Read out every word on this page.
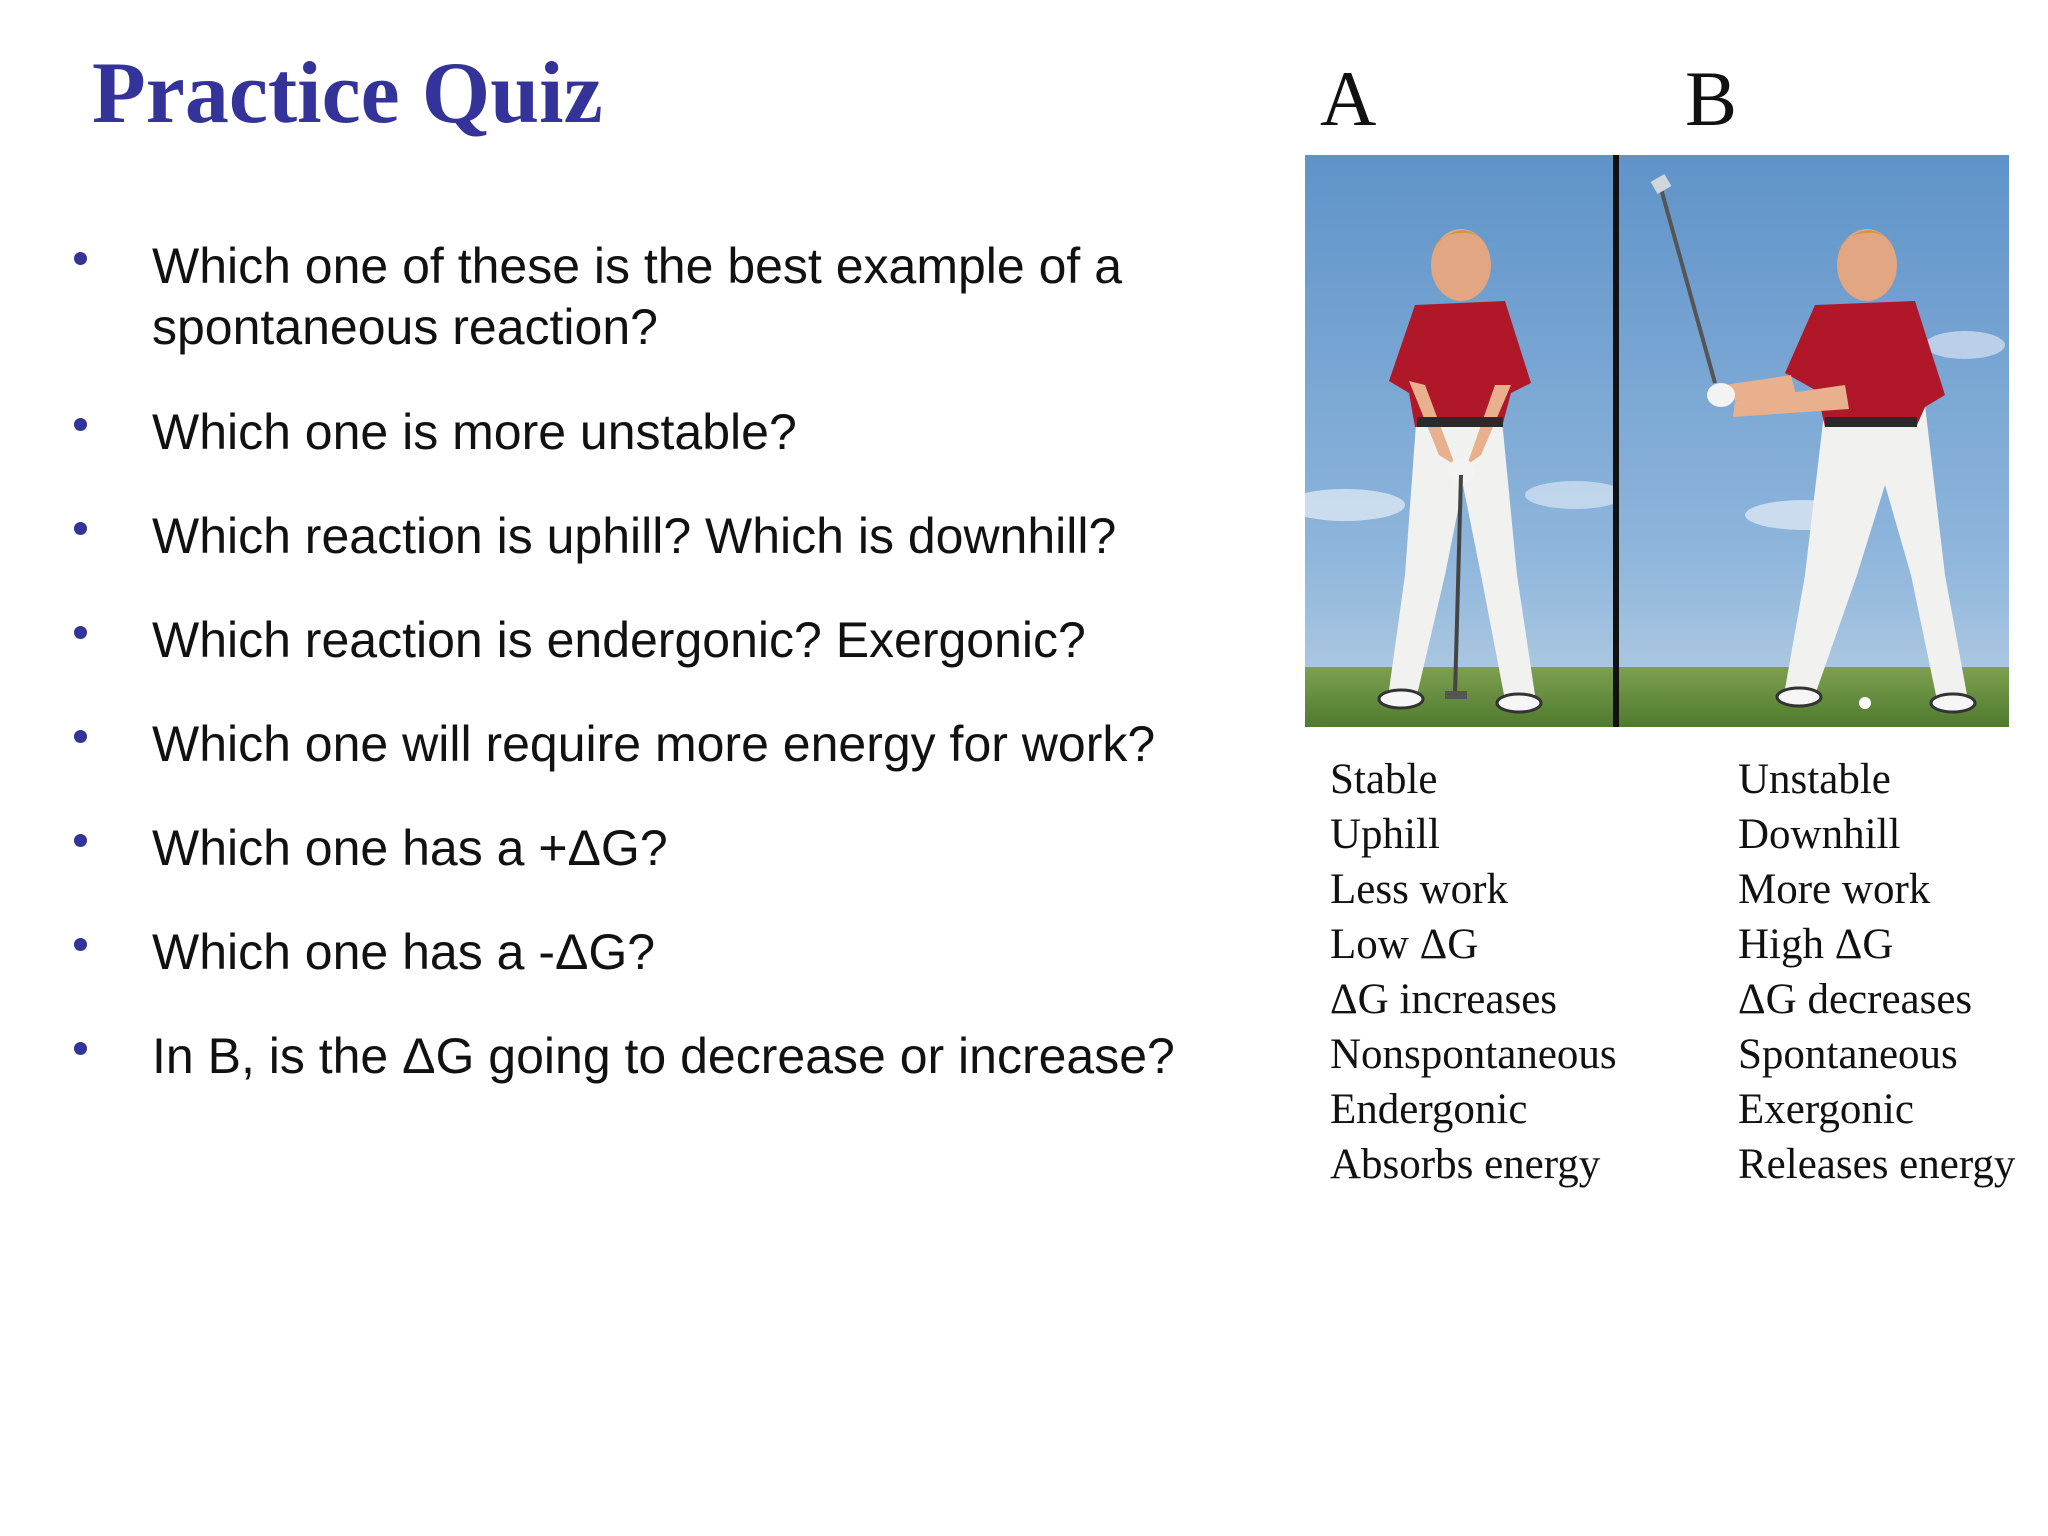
Practice Quiz
Which one of these is the best example of a spontaneous reaction?
Which one is more unstable?
Which reaction is uphill? Which is downhill?
Which reaction is endergonic? Exergonic?
Which one will require more energy for work?
Which one has a +ΔG?
Which one has a -ΔG?
In B, is the ΔG going to decrease or increase?
A	B
Stable
Uphill
Less work
Low ΔG
ΔG increases
Nonspontaneous
Endergonic
Absorbs energy
Unstable
Downhill
More work
High ΔG
ΔG decreases
Spontaneous
Exergonic
Releases energy
